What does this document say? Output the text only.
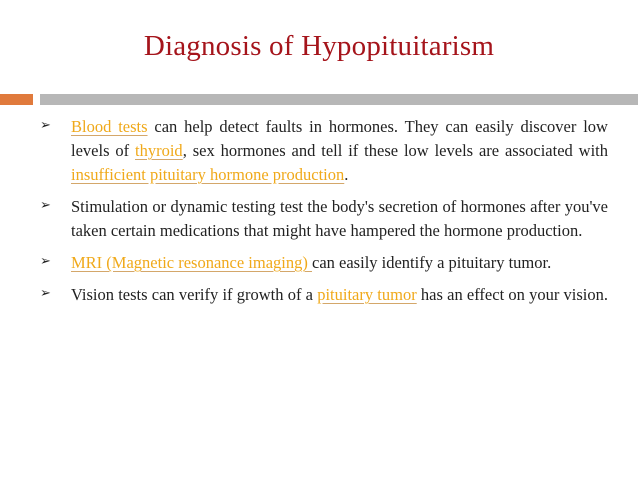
Diagnosis of Hypopituitarism
➢ Blood tests can help detect faults in hormones. They can easily discover low levels of thyroid, sex hormones and tell if these low levels are associated with insufficient pituitary hormone production.
➢ Stimulation or dynamic testing test the body's secretion of hormones after you've taken certain medications that might have hampered the hormone production.
➢ MRI (Magnetic resonance imaging) can easily identify a pituitary tumor.
➢ Vision tests can verify if growth of a pituitary tumor has an effect on your vision.
